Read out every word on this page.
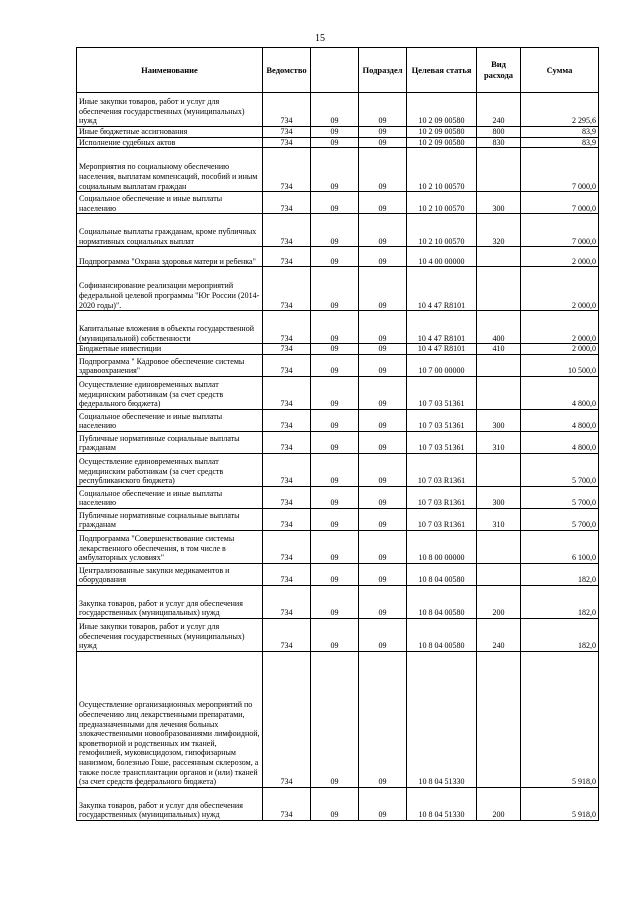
15
Наименование	Ведомство		Подраздел	Целевая статья	Вид расхода	Сумма
Иные закупки товаров, работ и услуг для обеспечения государственных (муниципальных) нужд	734	09	09	10 2 09 00580	240	2 295,6
Иные бюджетные ассигнования	734	09	09	10 2 09 00580	800	83,9
Исполнение судебных актов	734	09	09	10 2 09 00580	830	83,9
Мероприятия по социальному обеспечению населения, выплатам компенсаций, пособий и иным социальным выплатам граждан	734	09	09	10 2 10 00570		7 000,0
Социальное обеспечение и иные выплаты населению	734	09	09	10 2 10 00570	300	7 000,0
Социальные выплаты гражданам, кроме публичных нормативных социальных выплат	734	09	09	10 2 10 00570	320	7 000,0
Подпрограмма "Охрана здоровья матери и ребенка"	734	09	09	10 4 00 00000		2 000,0
Софинансирование реализации мероприятий федеральной целевой программы "Юг России (2014-2020 годы)".	734	09	09	10 4 47 R8101		2 000,0
Капитальные вложения в объекты государственной (муниципальной) собственности	734	09	09	10 4 47 R8101	400	2 000,0
Бюджетные инвестиции	734	09	09	10 4 47 R8101	410	2 000,0
Подпрограмма " Кадровое обеспечение системы здравоохранения"	734	09	09	10 7 00 00000		10 500,0
Осуществление единовременных выплат медицинским работникам (за счет средств федерального бюджета)	734	09	09	10 7 03 51361		4 800,0
Социальное обеспечение и иные выплаты населению	734	09	09	10 7 03 51361	300	4 800,0
Публичные нормативные социальные выплаты гражданам	734	09	09	10 7 03 51361	310	4 800,0
Осуществление единовременных выплат медицинским работникам (за счет средств республиканского бюджета)	734	09	09	10 7 03 R1361		5 700,0
Социальное обеспечение и иные выплаты населению	734	09	09	10 7 03 R1361	300	5 700,0
Публичные нормативные социальные выплаты гражданам	734	09	09	10 7 03 R1361	310	5 700,0
Подпрограмма "Совершенствование системы лекарственного обеспечения, в том числе в амбулаторных условиях"	734	09	09	10 8 00 00000		6 100,0
Централизованные закупки медикаментов и оборудования	734	09	09	10 8 04 00580		182,0
Закупка товаров, работ и услуг для обеспечения государственных (муниципальных) нужд	734	09	09	10 8 04 00580	200	182,0
Иные закупки товаров, работ и услуг для обеспечения государственных (муниципальных) нужд	734	09	09	10 8 04 00580	240	182,0
Осуществление организационных мероприятий по обеспечению лиц лекарственными препаратами, предназначенными для лечения больных злокачественными новообразованиями лимфоидной, кроветворной и родственных им тканей, гемофилией, муковисцидозом, гипофизарным нанизмом, болезнью Гоше, рассеянным склерозом, а также после трансплантации органов и (или) тканей (за счет средств федерального бюджета)	734	09	09	10 8 04 51330		5 918,0
Закупка товаров, работ и услуг для обеспечения государственных (муниципальных) нужд	734	09	09	10 8 04 51330	200	5 918,0
